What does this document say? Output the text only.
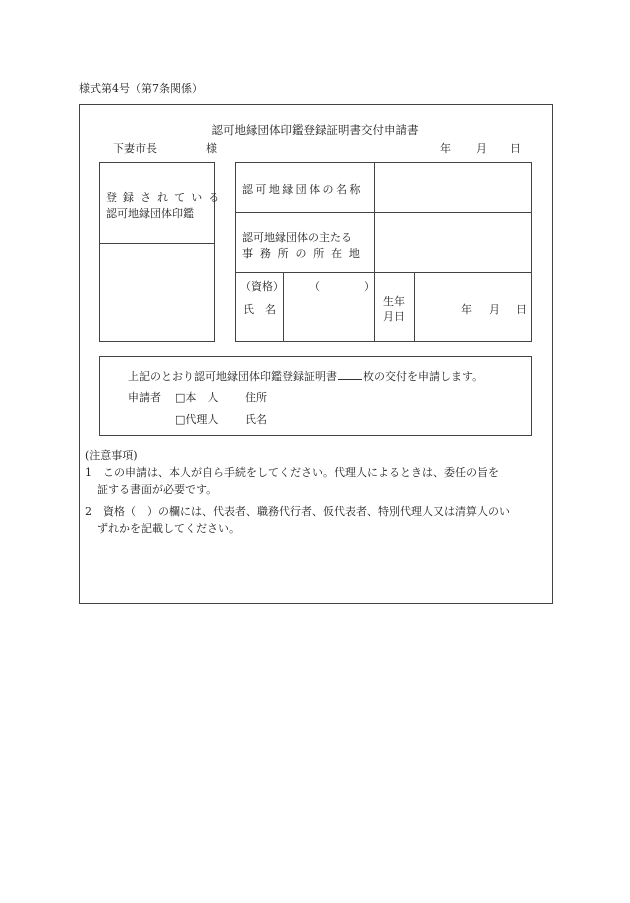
様式第4号（第7条関係）
認可地縁団体印鑑登録証明書交付申請書
下妻市長	様	年 月 日
登録されている
認可地縁団体印鑑
認可地縁団体の名称
認可地縁団体の主たる
事務所の所在地
（資格）
氏　名
（　　　　）
生年
月日
年 月 日
上記のとおり認可地縁団体印鑑登録証明書 枚の交付を申請します。
申請者 □本　人 住所
□代理人 氏名
(注意事項)
1　この申請は、本人が自ら手続をしてください。代理人によるときは、委任の旨を
証する書面が必要です。
2　資格（　）の欄には、代表者、職務代行者、仮代表者、特別代理人又は清算人のい
ずれかを記載してください。
